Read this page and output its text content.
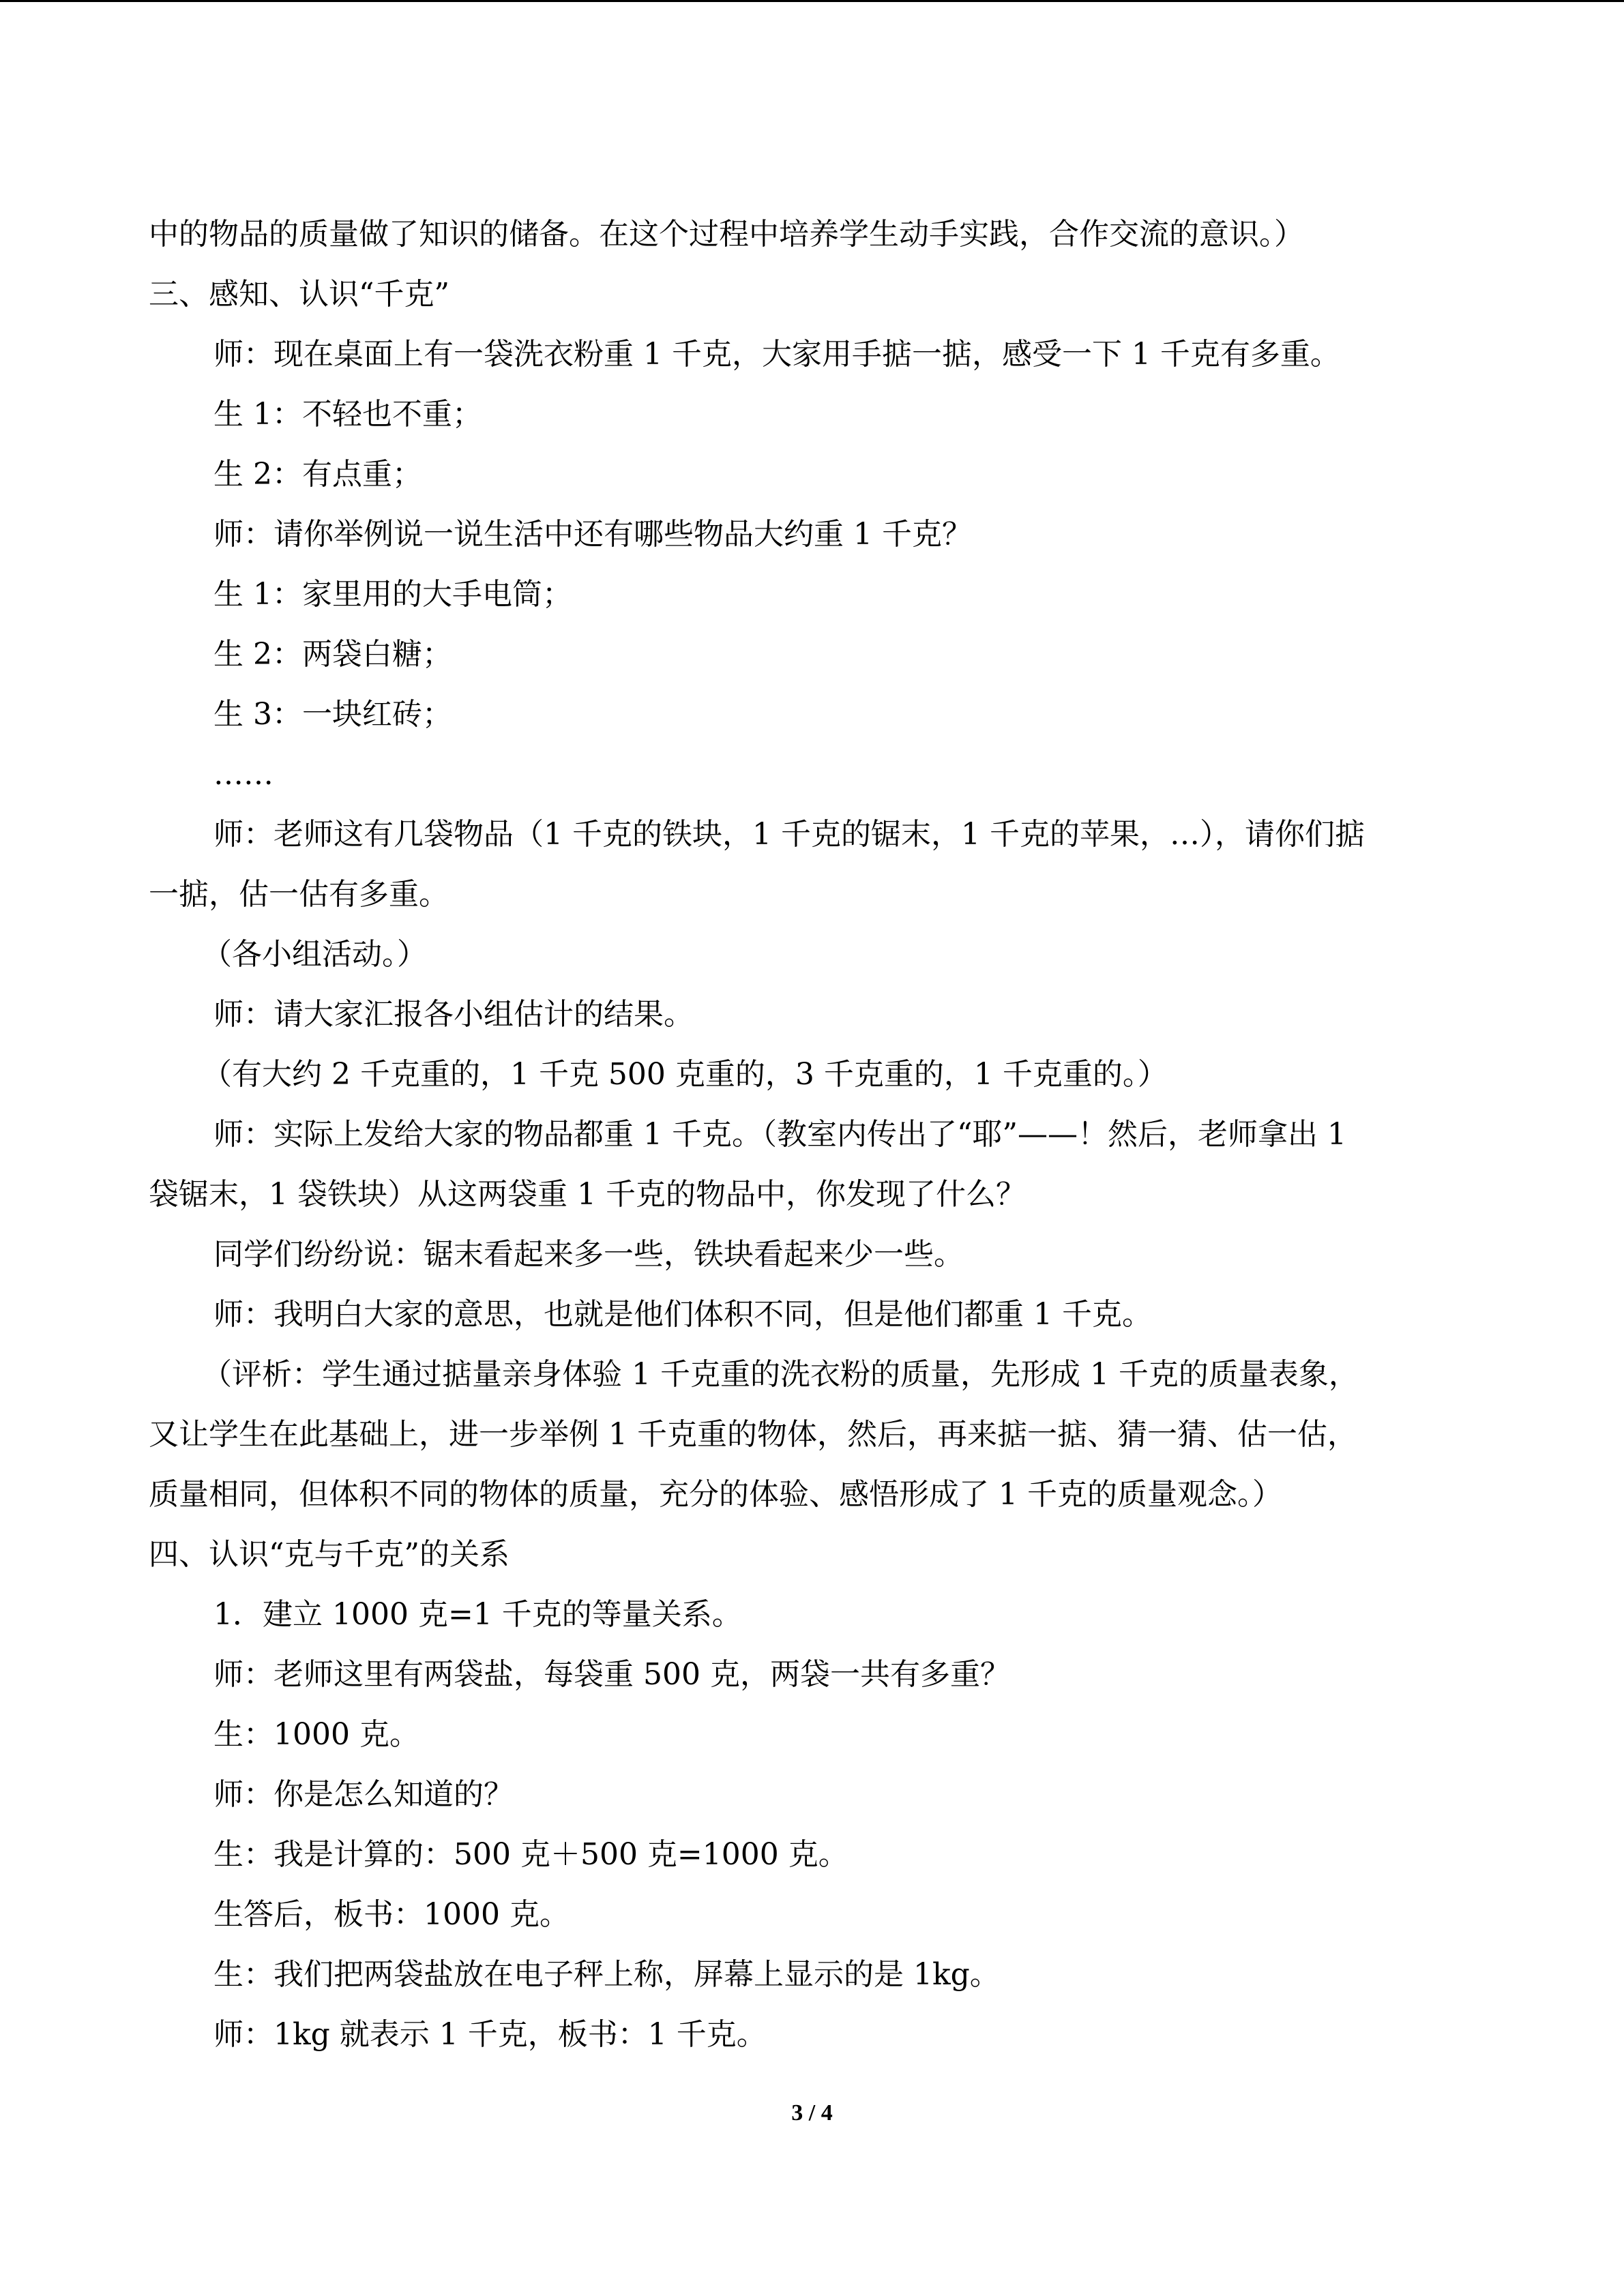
中的物品的质量做了知识的储备。在这个过程中培养学生动手实践，合作交流的意识。）
三、感知、认识“千克”
师：现在桌面上有一袋洗衣粉重 1 千克，大家用手掂一掂，感受一下 1 千克有多重。
生 1：不轻也不重；
生 2：有点重；
师：请你举例说一说生活中还有哪些物品大约重 1 千克？
生 1：家里用的大手电筒；
生 2：两袋白糖；
生 3：一块红砖；
……
师：老师这有几袋物品（1 千克的铁块，1 千克的锯末，1 千克的苹果，…），请你们掂
一掂，估一估有多重。
（各小组活动。）
师：请大家汇报各小组估计的结果。
（有大约 2 千克重的，1 千克 500 克重的，3 千克重的，1 千克重的。）
师：实际上发给大家的物品都重 1 千克。（教室内传出了“耶”——！然后，老师拿出 1
袋锯末，1 袋铁块）从这两袋重 1 千克的物品中，你发现了什么？
同学们纷纷说：锯末看起来多一些，铁块看起来少一些。
师：我明白大家的意思，也就是他们体积不同，但是他们都重 1 千克。
（评析：学生通过掂量亲身体验 1 千克重的洗衣粉的质量，先形成 1 千克的质量表象，
又让学生在此基础上，进一步举例 1 千克重的物体，然后，再来掂一掂、猜一猜、估一估，
质量相同，但体积不同的物体的质量，充分的体验、感悟形成了 1 千克的质量观念。）
四、认识“克与千克”的关系
1．建立 1000 克=1 千克的等量关系。
师：老师这里有两袋盐，每袋重 500 克，两袋一共有多重？
生：1000 克。
师：你是怎么知道的？
生：我是计算的：500 克＋500 克=1000 克。
生答后，板书：1000 克。
生：我们把两袋盐放在电子秤上称，屏幕上显示的是 1kg。
师：1kg 就表示 1 千克，板书：1 千克。
3 / 4
